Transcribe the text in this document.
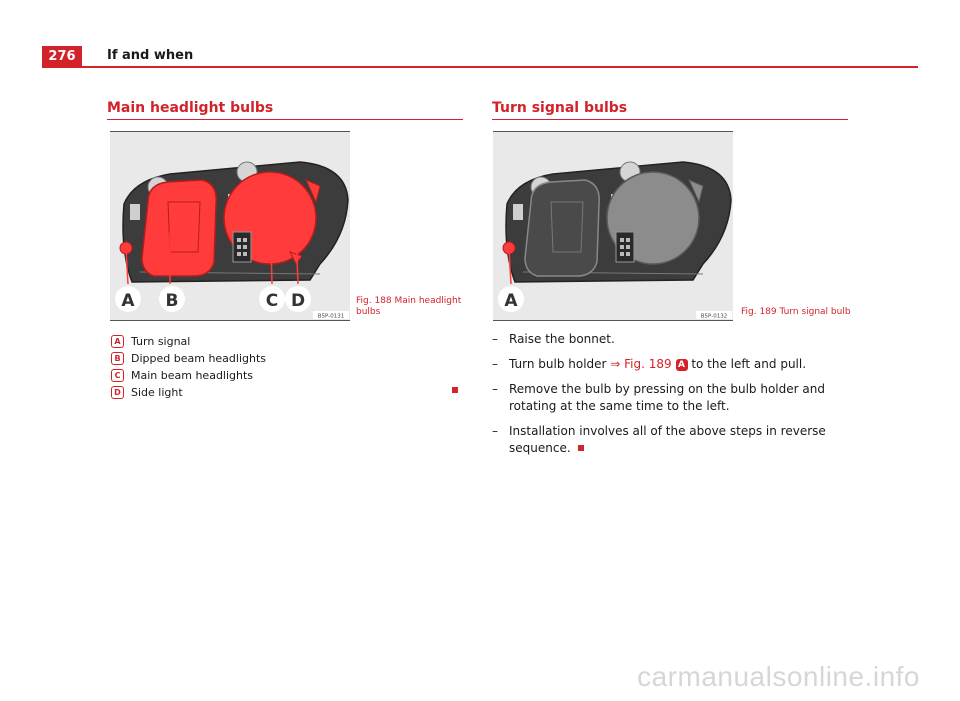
276	If and when
Main headlight bulbs
A B	C D
B5P-0131
Fig. 188 Main headlight bulbs
A Turn signal
B Dipped beam headlights
C Main beam headlights
D Side light
Turn signal bulbs
A
B5P-0132 Fig. 189 Turn signal bulb
– Raise the bonnet.
– Turn bulb holder ⇒ Fig. 189 A to the left and pull.
– Remove the bulb by pressing on the bulb holder and rotating at the same time to the left.
– Installation involves all of the above steps in reverse sequence.
carmanualsonline.info
